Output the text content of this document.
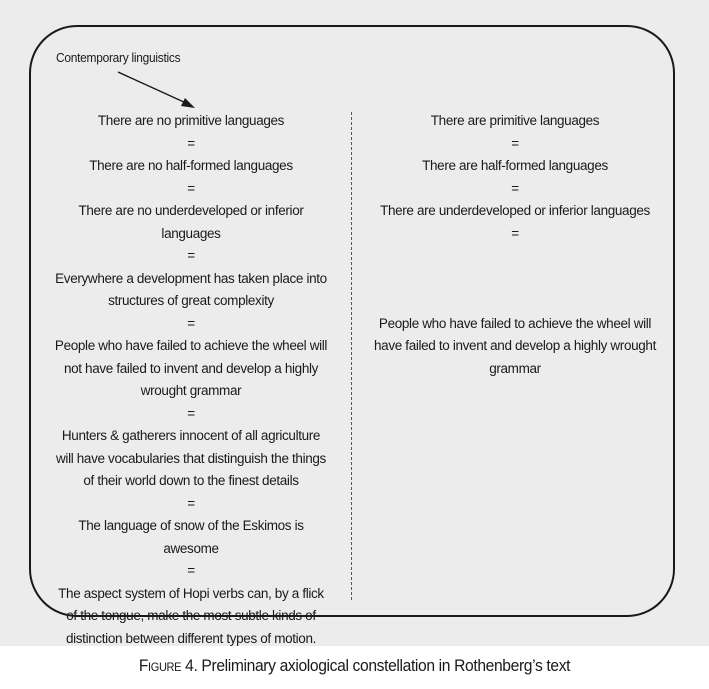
Contemporary linguistics
There are no primitive languages
=
There are no half-formed languages
=
There are no underdeveloped or inferior languages
=
Everywhere a development has taken place into structures of great complexity
=
People who have failed to achieve the wheel will not have failed to invent and develop a highly wrought grammar
=
Hunters & gatherers innocent of all agriculture will have vocabularies that distinguish the things of their world down to the finest details
=
The language of snow of the Eskimos is awesome
=
The aspect system of Hopi verbs can, by a flick of the tongue, make the most subtle kinds of distinction between different types of motion.
There are primitive languages
=
There are half-formed languages
=
There are underdeveloped or inferior languages
=
People who have failed to achieve the wheel will have failed to invent and develop a highly wrought grammar
Figure 4. Preliminary axiological constellation in Rothenberg’s text
